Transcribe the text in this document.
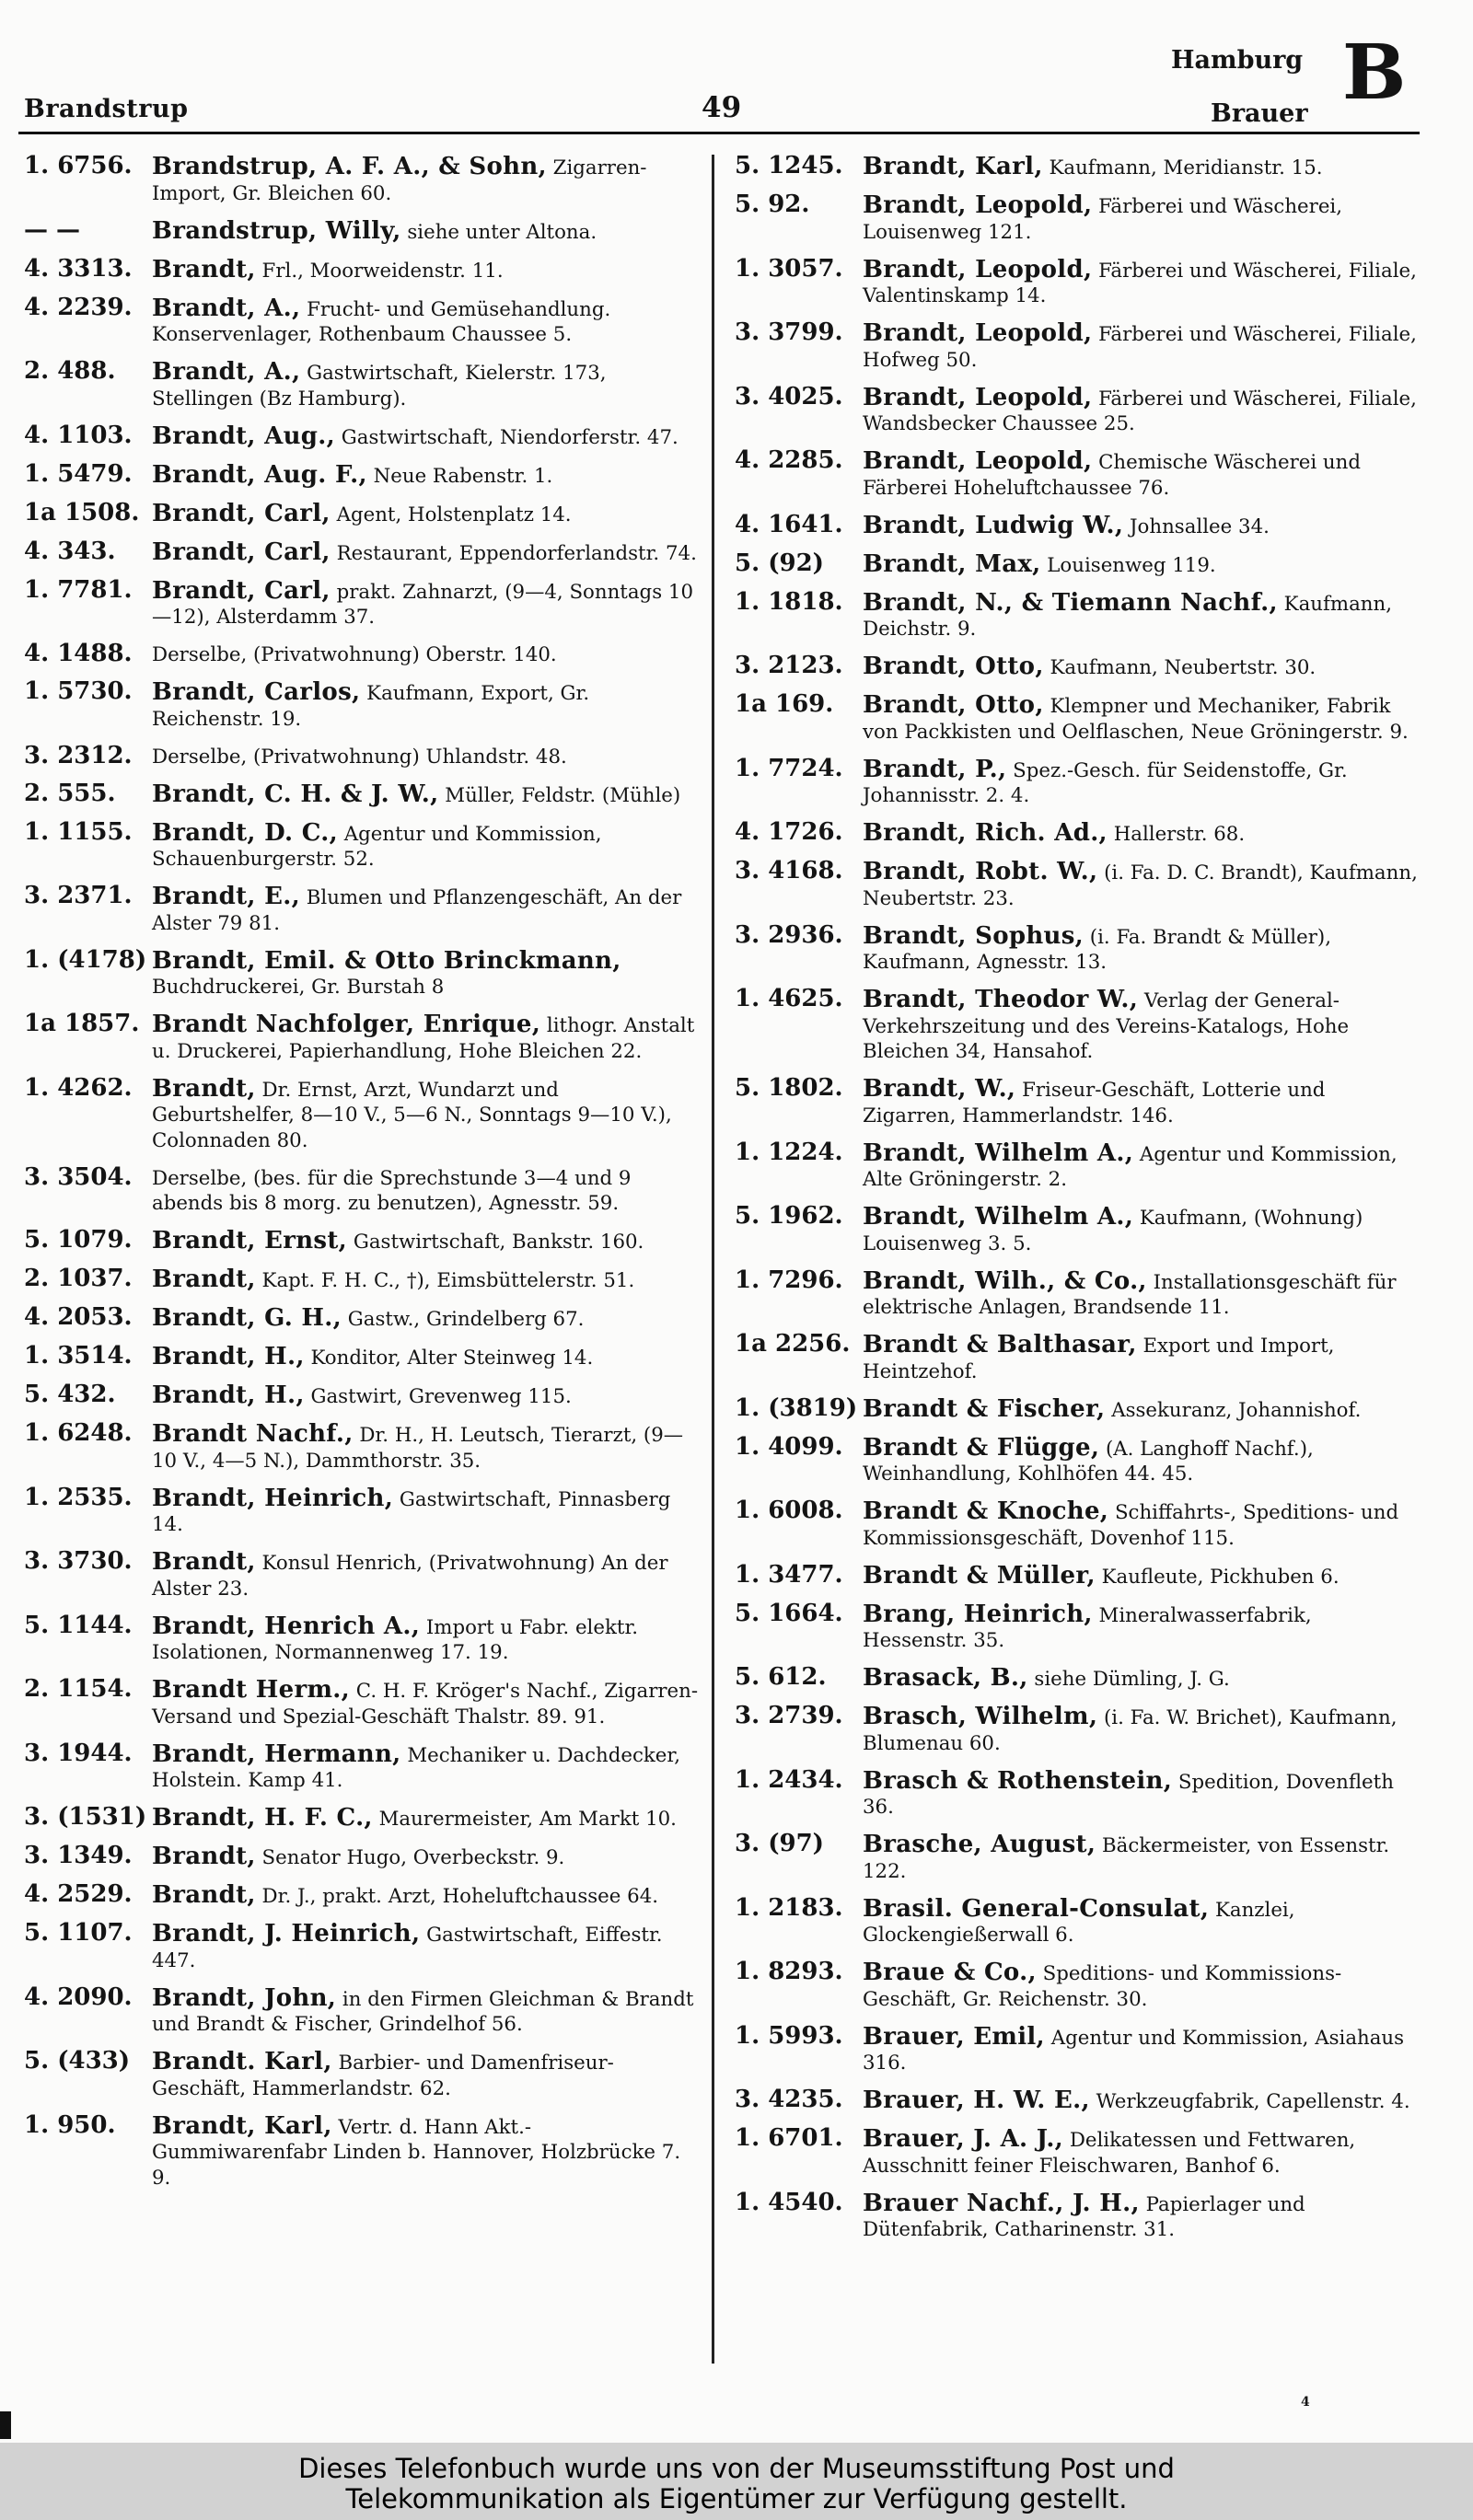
Brandstrup	49
Hamburg
Brauer B
1. 6756. Brandstrup, A. F. A., & Sohn, Zigarren-Import, Gr. Bleichen 60.
— —	Brandstrup, Willy, siehe unter Altona.
4. 3313. Brandt, Frl., Moorweidenstr. 11.
4. 2239. Brandt, A., Frucht- und Gemüsehandlung. Konservenlager, Rothenbaum Chaussee 5.
2. 488.	Brandt, A., Gastwirtschaft, Kielerstr. 173, Stellingen (Bz Hamburg).
4. 1103. Brandt, Aug., Gastwirtschaft, Niendorferstr. 47.
1. 5479. Brandt, Aug. F., Neue Rabenstr. 1.
1a 1508. Brandt, Carl, Agent, Holstenplatz 14.
4. 343.	Brandt, Carl, Restaurant, Eppendorferlandstr. 74.
1. 7781. Brandt, Carl, prakt. Zahnarzt, (9—4, Sonntags 10—12), Alsterdamm 37.
4. 1488.	Derselbe, (Privatwohnung) Oberstr. 140.
1. 5730. Brandt, Carlos, Kaufmann, Export, Gr. Reichenstr. 19.
3. 2312.	Derselbe, (Privatwohnung) Uhlandstr. 48.
2. 555.	Brandt, C. H. & J. W., Müller, Feldstr. (Mühle)
1. 1155. Brandt, D. C., Agentur und Kommission, Schauenburgerstr. 52.
3. 2371. Brandt, E., Blumen und Pflanzengeschäft, An der Alster 79 81.
1. (4178) Brandt, Emil. & Otto Brinckmann, Buchdruckerei, Gr. Burstah 8
1a 1857. Brandt Nachfolger, Enrique, lithogr. Anstalt u. Druckerei, Papierhandlung, Hohe Bleichen 22.
1. 4262. Brandt, Dr. Ernst, Arzt, Wundarzt und Geburtshelfer, 8—10 V., 5—6 N., Sonntags 9—10 V.), Colonnaden 80.
3. 3504.	Derselbe, (bes. für die Sprechstunde 3—4 und 9 abends bis 8 morg. zu benutzen), Agnesstr. 59.
5. 1079. Brandt, Ernst, Gastwirtschaft, Bankstr. 160.
2. 1037. Brandt, Kapt. F. H. C., †), Eimsbüttelerstr. 51.
4. 2053. Brandt, G. H., Gastw., Grindelberg 67.
1. 3514. Brandt, H., Konditor, Alter Steinweg 14.
5. 432.	Brandt, H., Gastwirt, Grevenweg 115.
1. 6248. Brandt Nachf., Dr. H., H. Leutsch, Tierarzt, (9—10 V., 4—5 N.), Dammthorstr. 35.
1. 2535. Brandt, Heinrich, Gastwirtschaft, Pinnasberg 14.
3. 3730. Brandt, Konsul Henrich, (Privatwohnung) An der Alster 23.
5. 1144. Brandt, Henrich A., Import u Fabr. elektr. Isolationen, Normannenweg 17. 19.
2. 1154. Brandt Herm., C. H. F. Kröger's Nachf., Zigarren-Versand und Spezial-Geschäft Thalstr. 89. 91.
3. 1944. Brandt, Hermann, Mechaniker u. Dachdecker, Holstein. Kamp 41.
3. (1531) Brandt, H. F. C., Maurermeister, Am Markt 10.
3. 1349. Brandt, Senator Hugo, Overbeckstr. 9.
4. 2529. Brandt, Dr. J., prakt. Arzt, Hoheluftchaussee 64.
5. 1107. Brandt, J. Heinrich, Gastwirtschaft, Eiffestr. 447.
4. 2090. Brandt, John, in den Firmen Gleichman & Brandt und Brandt & Fischer, Grindelhof 56.
5. (433) Brandt. Karl, Barbier- und Damenfriseur-Geschäft, Hammerlandstr. 62.
1. 950.	Brandt, Karl, Vertr. d. Hann Akt.-Gummiwarenfabr Linden b. Hannover, Holzbrücke 7. 9.
5. 1245. Brandt, Karl, Kaufmann, Meridianstr. 15.
5. 92.	Brandt, Leopold, Färberei und Wäscherei, Louisenweg 121.
1. 3057. Brandt, Leopold, Färberei und Wäscherei, Filiale, Valentinskamp 14.
3. 3799. Brandt, Leopold, Färberei und Wäscherei, Filiale, Hofweg 50.
3. 4025. Brandt, Leopold, Färberei und Wäscherei, Filiale, Wandsbecker Chaussee 25.
4. 2285. Brandt, Leopold, Chemische Wäscherei und Färberei Hoheluftchaussee 76.
4. 1641. Brandt, Ludwig W., Johnsallee 34.
5. (92)	Brandt, Max, Louisenweg 119.
1. 1818. Brandt, N., & Tiemann Nachf., Kaufmann, Deichstr. 9.
3. 2123. Brandt, Otto, Kaufmann, Neubertstr. 30.
1a 169.	Brandt, Otto, Klempner und Mechaniker, Fabrik von Packkisten und Oelflaschen, Neue Gröningerstr. 9.
1. 7724. Brandt, P., Spez.-Gesch. für Seidenstoffe, Gr. Johannisstr. 2. 4.
4. 1726. Brandt, Rich. Ad., Hallerstr. 68.
3. 4168. Brandt, Robt. W., (i. Fa. D. C. Brandt), Kaufmann, Neubertstr. 23.
3. 2936. Brandt, Sophus, (i. Fa. Brandt & Müller), Kaufmann, Agnesstr. 13.
1. 4625. Brandt, Theodor W., Verlag der General-Verkehrszeitung und des Vereins-Katalogs, Hohe Bleichen 34, Hansahof.
5. 1802. Brandt, W., Friseur-Geschäft, Lotterie und Zigarren, Hammerlandstr. 146.
1. 1224. Brandt, Wilhelm A., Agentur und Kommission, Alte Gröningerstr. 2.
5. 1962. Brandt, Wilhelm A., Kaufmann, (Wohnung) Louisenweg 3. 5.
1. 7296. Brandt, Wilh., & Co., Installationsgeschäft für elektrische Anlagen, Brandsende 11.
1a 2256. Brandt & Balthasar, Export und Import, Heintzehof.
1. (3819) Brandt & Fischer, Assekuranz, Johannishof.
1. 4099. Brandt & Flügge, (A. Langhoff Nachf.), Weinhandlung, Kohlhöfen 44. 45.
1. 6008. Brandt & Knoche, Schiffahrts-, Speditions- und Kommissionsgeschäft, Dovenhof 115.
1. 3477. Brandt & Müller, Kaufleute, Pickhuben 6.
5. 1664. Brang, Heinrich, Mineralwasserfabrik, Hessenstr. 35.
5. 612.	Brasack, B., siehe Dümling, J. G.
3. 2739. Brasch, Wilhelm, (i. Fa. W. Brichet), Kaufmann, Blumenau 60.
1. 2434. Brasch & Rothenstein, Spedition, Dovenfleth 36.
3. (97)	Brasche, August, Bäckermeister, von Essenstr. 122.
1. 2183. Brasil. General-Consulat, Kanzlei, Glockengießerwall 6.
1. 8293. Braue & Co., Speditions- und Kommissions-Geschäft, Gr. Reichenstr. 30.
1. 5993. Brauer, Emil, Agentur und Kommission, Asiahaus 316.
3. 4235. Brauer, H. W. E., Werkzeugfabrik, Capellenstr. 4.
1. 6701. Brauer, J. A. J., Delikatessen und Fettwaren, Ausschnitt feiner Fleischwaren, Banhof 6.
1. 4540. Brauer Nachf., J. H., Papierlager und Dütenfabrik, Catharinenstr. 31.
4
Dieses Telefonbuch wurde uns von der Museumsstiftung Post und
Telekommunikation als Eigentümer zur Verfügung gestellt.
